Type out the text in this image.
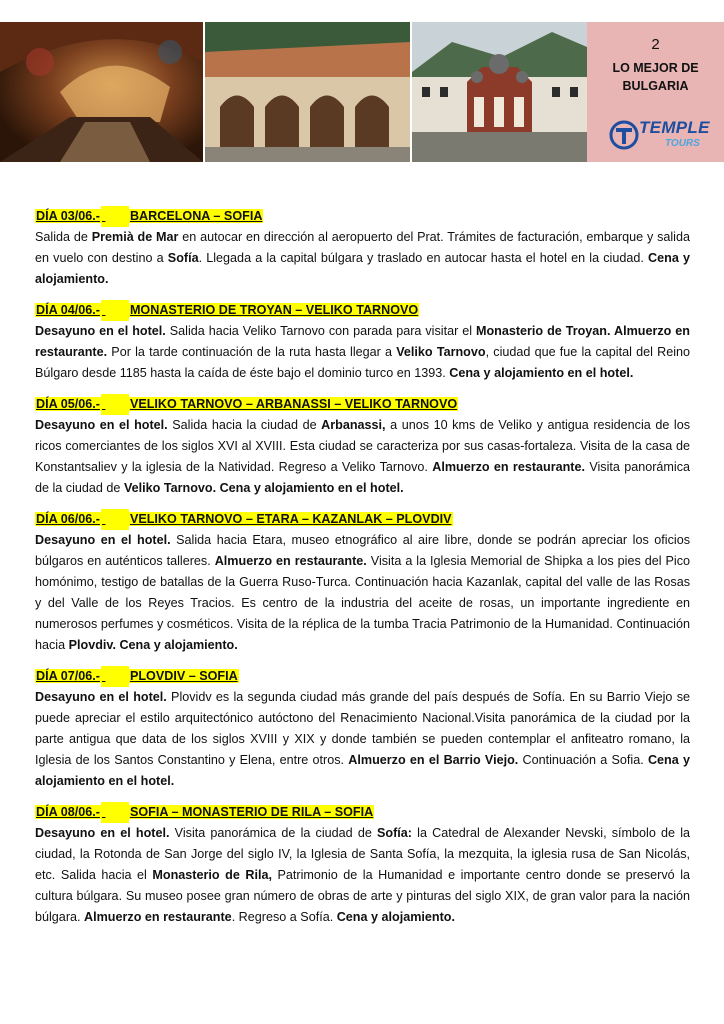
2
LO MEJOR DE
BULGARIA
TEMPLE
TOURS

DÍA 03/06.- BARCELONA – SOFIA

Salida de Premià de Mar en autocar en dirección al aeropuerto del Prat. Trámites de facturación, embarque y salida en vuelo con destino a Sofía. Llegada a la capital búlgara y traslado en autocar hasta el hotel en la ciudad. Cena y alojamiento.

DÍA 04/06.- MONASTERIO DE TROYAN – VELIKO TARNOVO

Desayuno en el hotel. Salida hacia Veliko Tarnovo con parada para visitar el Monasterio de Troyan. Almuerzo en restaurante. Por la tarde continuación de la ruta hasta llegar a Veliko Tarnovo, ciudad que fue la capital del Reino Búlgaro desde 1185 hasta la caída de éste bajo el dominio turco en 1393. Cena y alojamiento en el hotel.

DÍA 05/06.- VELIKO TARNOVO – ARBANASSI – VELIKO TARNOVO

Desayuno en el hotel. Salida hacia la ciudad de Arbanassi, a unos 10 kms de Veliko y antigua residencia de los ricos comerciantes de los siglos XVI al XVIII. Esta ciudad se caracteriza por sus casas-fortaleza. Visita de la casa de Konstantsaliev y la iglesia de la Natividad. Regreso a Veliko Tarnovo. Almuerzo en restaurante. Visita panorámica de la ciudad de Veliko Tarnovo. Cena y alojamiento en el hotel.

DÍA 06/06.- VELIKO TARNOVO – ETARA – KAZANLAK – PLOVDIV

Desayuno en el hotel. Salida hacia Etara, museo etnográfico al aire libre, donde se podrán apreciar los oficios búlgaros en auténticos talleres. Almuerzo en restaurante. Visita a la Iglesia Memorial de Shipka a los pies del Pico homónimo, testigo de batallas de la Guerra Ruso-Turca. Continuación hacia Kazanlak, capital del valle de las Rosas y del Valle de los Reyes Tracios. Es centro de la industria del aceite de rosas, un importante ingrediente en numerosos perfumes y cosméticos. Visita de la réplica de la tumba Tracia Patrimonio de la Humanidad. Continuación hacia Plovdiv. Cena y alojamiento.

DÍA 07/06.- PLOVDIV – SOFIA

Desayuno en el hotel. Plovidv es la segunda ciudad más grande del país después de Sofía. En su Barrio Viejo se puede apreciar el estilo arquitectónico autóctono del Renacimiento Nacional.Visita panorámica de la ciudad por la parte antigua que data de los siglos XVIII y XIX y donde también se pueden contemplar el anfiteatro romano, la Iglesia de los Santos Constantino y Elena, entre otros. Almuerzo en el Barrio Viejo. Continuación a Sofia. Cena y alojamiento en el hotel.

DÍA 08/06.- SOFIA – MONASTERIO DE RILA – SOFIA

Desayuno en el hotel. Visita panorámica de la ciudad de Sofía: la Catedral de Alexander Nevski, símbolo de la ciudad, la Rotonda de San Jorge del siglo IV, la Iglesia de Santa Sofía, la mezquita, la iglesia rusa de San Nicolás, etc. Salida hacia el Monasterio de Rila, Patrimonio de la Humanidad e importante centro donde se preservó la cultura búlgara. Su museo posee gran número de obras de arte y pinturas del siglo XIX, de gran valor para la nación búlgara. Almuerzo en restaurante. Regreso a Sofía. Cena y alojamiento.
